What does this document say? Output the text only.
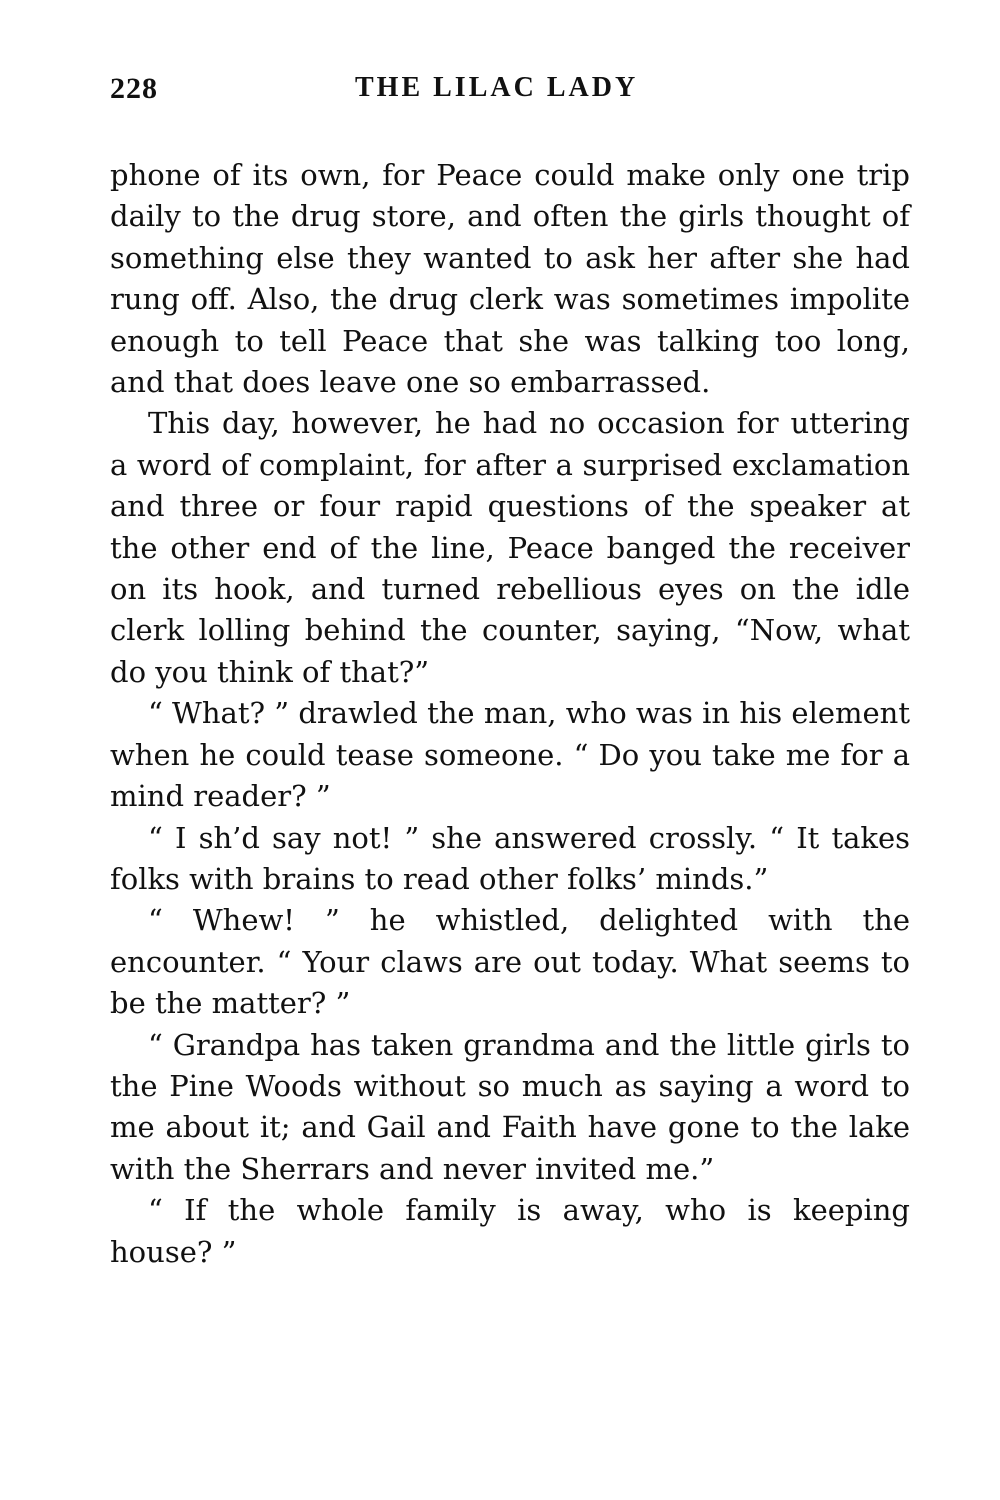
228	THE LILAC LADY

phone of its own, for Peace could make only one trip daily to the drug store, and often the girls thought of something else they wanted to ask her after she had rung off. Also, the drug clerk was sometimes impolite enough to tell Peace that she was talking too long, and that does leave one so embarrassed.

This day, however, he had no occasion for uttering a word of complaint, for after a surprised exclamation and three or four rapid questions of the speaker at the other end of the line, Peace banged the receiver on its hook, and turned rebellious eyes on the idle clerk lolling behind the counter, saying, “Now, what do you think of that?”

“ What? ” drawled the man, who was in his element when he could tease someone. “ Do you take me for a mind reader? ”

“ I sh’d say not! ” she answered crossly. “ It takes folks with brains to read other folks’ minds.”

“ Whew! ” he whistled, delighted with the encounter. “ Your claws are out today. What seems to be the matter? ”

“ Grandpa has taken grandma and the little girls to the Pine Woods without so much as saying a word to me about it; and Gail and Faith have gone to the lake with the Sherrars and never invited me.”

“ If the whole family is away, who is keeping house? ”
